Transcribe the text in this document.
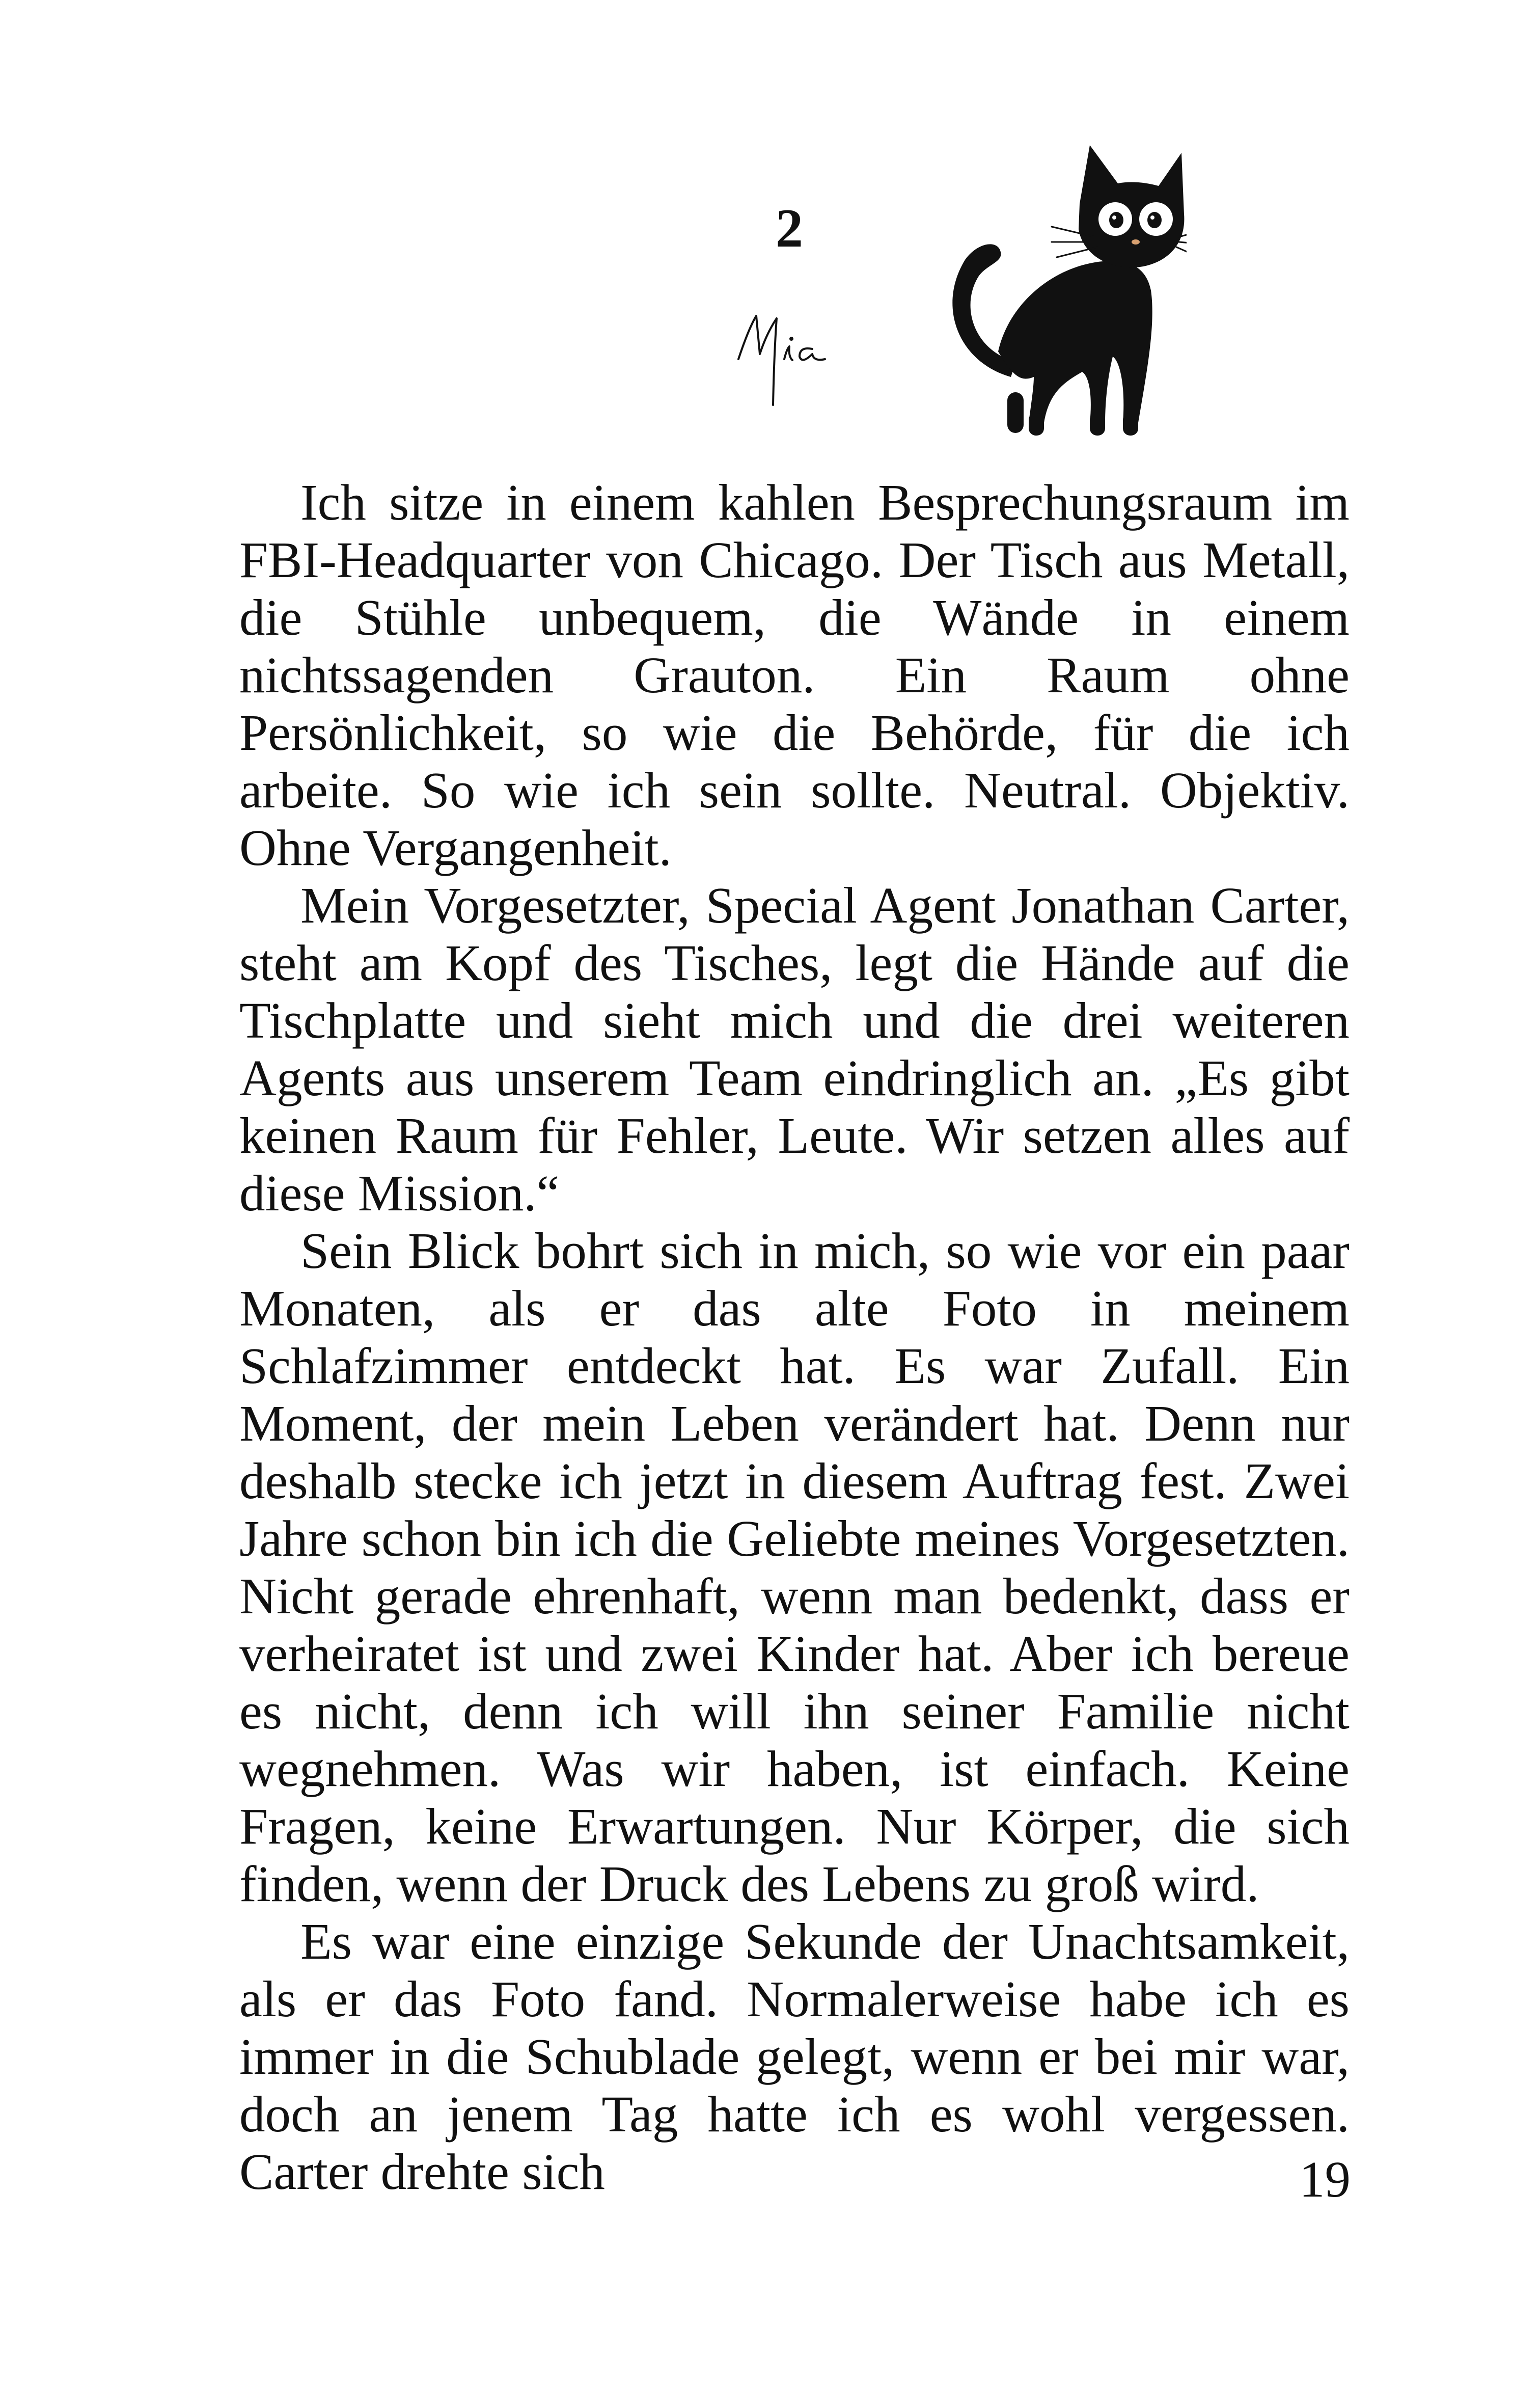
2

Ich sitze in einem kahlen Besprechungsraum im FBI-Headquarter von Chicago. Der Tisch aus Metall, die Stühle unbequem, die Wände in einem nichtssagenden Grauton. Ein Raum ohne Persönlichkeit, so wie die Behörde, für die ich arbeite. So wie ich sein sollte. Neutral. Objektiv. Ohne Vergangenheit.

Mein Vorgesetzter, Special Agent Jonathan Carter, steht am Kopf des Tisches, legt die Hände auf die Tischplatte und sieht mich und die drei weiteren Agents aus unserem Team eindringlich an. „Es gibt keinen Raum für Fehler, Leute. Wir setzen alles auf diese Mission.“

Sein Blick bohrt sich in mich, so wie vor ein paar Monaten, als er das alte Foto in meinem Schlafzimmer entdeckt hat. Es war Zufall. Ein Moment, der mein Leben verändert hat. Denn nur deshalb stecke ich jetzt in diesem Auftrag fest. Zwei Jahre schon bin ich die Geliebte meines Vorgesetzten. Nicht gerade ehrenhaft, wenn man bedenkt, dass er verheiratet ist und zwei Kinder hat. Aber ich bereue es nicht, denn ich will ihn seiner Familie nicht wegnehmen. Was wir haben, ist einfach. Keine Fragen, keine Erwartungen. Nur Körper, die sich finden, wenn der Druck des Lebens zu groß wird.

Es war eine einzige Sekunde der Unachtsamkeit, als er das Foto fand. Normalerweise habe ich es immer in die Schublade gelegt, wenn er bei mir war, doch an jenem Tag hatte ich es wohl vergessen. Carter drehte sich	19
